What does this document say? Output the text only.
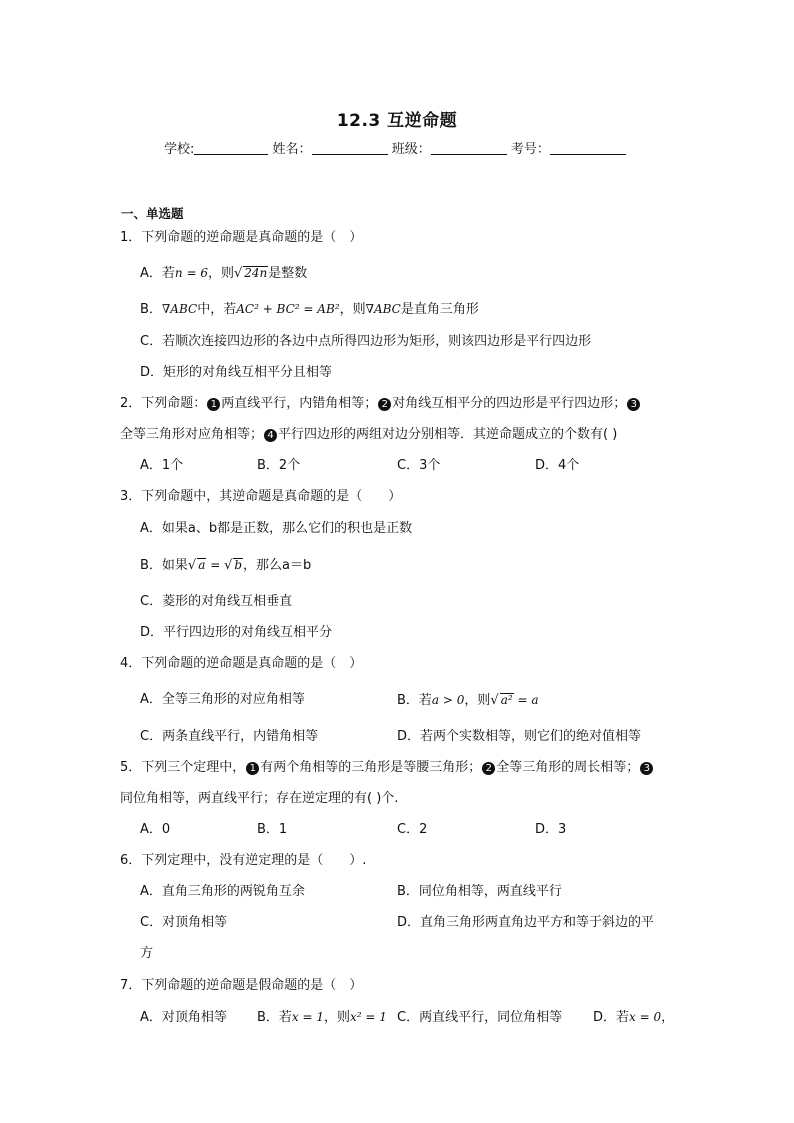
12.3 互逆命题
学校:	姓名：	班级：	考号：
一、单选题
1．下列命题的逆命题是真命题的是（　）
A．若n = 6，则√ 24n是整数
B．∇ABC中，若AC² + BC² = AB²，则∇ABC是直角三角形
C．若顺次连接四边形的各边中点所得四边形为矩形，则该四边形是平行四边形
D．矩形的对角线互相平分且相等
2．下列命题： 1 两直线平行，内错角相等； 2 对角线互相平分的四边形是平行四边形； 3
全等三角形对应角相等； 4 平行四边形的两组对边分别相等．其逆命题成立的个数有( )
A．1个	B．2个	C．3个	D．4个
3．下列命题中，其逆命题是真命题的是（　　）
A．如果a、b都是正数，那么它们的积也是正数
B．如果√ a = √ b，那么a＝b
C．菱形的对角线互相垂直
D．平行四边形的对角线互相平分
4．下列命题的逆命题是真命题的是（　）
A．全等三角形的对应角相等	B．若a > 0，则√ a² = a
C．两条直线平行，内错角相等	D．若两个实数相等，则它们的绝对值相等
5．下列三个定理中， 1 有两个角相等的三角形是等腰三角形； 2 全等三角形的周长相等； 3
同位角相等，两直线平行；存在逆定理的有( )个.
A．0	B．1	C．2	D．3
6．下列定理中，没有逆定理的是（　　）.
A．直角三角形的两锐角互余	B．同位角相等，两直线平行
C．对顶角相等	D．直角三角形两直角边平方和等于斜边的平
方
7．下列命题的逆命题是假命题的是（　）
A．对顶角相等 B．若x = 1，则x² = 1 C．两直线平行，同位角相等 D．若x = 0，
